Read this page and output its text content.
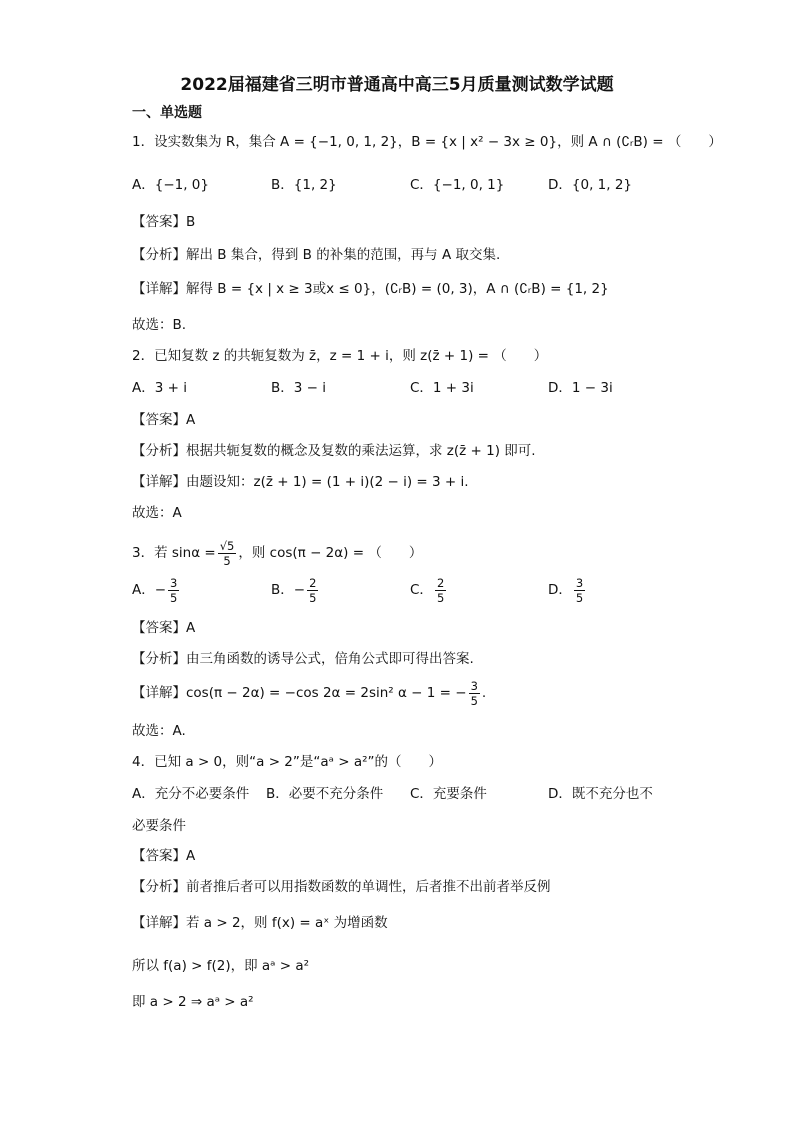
2022届福建省三明市普通高中高三5月质量测试数学试题
一、单选题
1．设实数集为 R，集合 A = {−1, 0, 1, 2}，B = {x | x² − 3x ≥ 0}，则 A ∩ (∁ᵣB) = （　　）
A．{−1, 0}	B．{1, 2}	C．{−1, 0, 1}	D．{0, 1, 2}
【答案】B
【分析】解出 B 集合，得到 B 的补集的范围，再与 A 取交集.
【详解】解得 B = {x | x ≥ 3或x ≤ 0}，(∁ᵣB) = (0, 3)，A ∩ (∁ᵣB) = {1, 2}
故选：B.
2．已知复数 z 的共轭复数为 z̄，z = 1 + i，则 z(z̄ + 1) = （　　）
A．3 + i	B．3 − i	C．1 + 3i	D．1 − 3i
【答案】A
【分析】根据共轭复数的概念及复数的乘法运算，求 z(z̄ + 1) 即可.
【详解】由题设知：z(z̄ + 1) = (1 + i)(2 − i) = 3 + i.
故选：A
3．若 $\sin\alpha = \frac{√5}{5}$ ，则 cos(π − 2α) = （　　）
A．− $\frac{3}{5}$	B．− $\frac{2}{5}$	C． $\frac{2}{5}$	D． $\frac{3}{5}$
【答案】A
【分析】由三角函数的诱导公式，倍角公式即可得出答案.
【详解】cos(π − 2α) = −cos 2α = 2sin² α − 1 = − $\frac{3}{5}$ .
故选：A.
4．已知 a > 0，则“a > 2”是“aᵃ > a²”的（　　）
A．充分不必要条件 B．必要不充分条件 C．充要条件	D．既不充分也不
必要条件
【答案】A
【分析】前者推后者可以用指数函数的单调性，后者推不出前者举反例
【详解】若 a > 2，则 f(x) = aˣ 为增函数
所以 f(a) > f(2)，即 aᵃ > a²
即 a > 2 ⇒ aᵃ > a²
